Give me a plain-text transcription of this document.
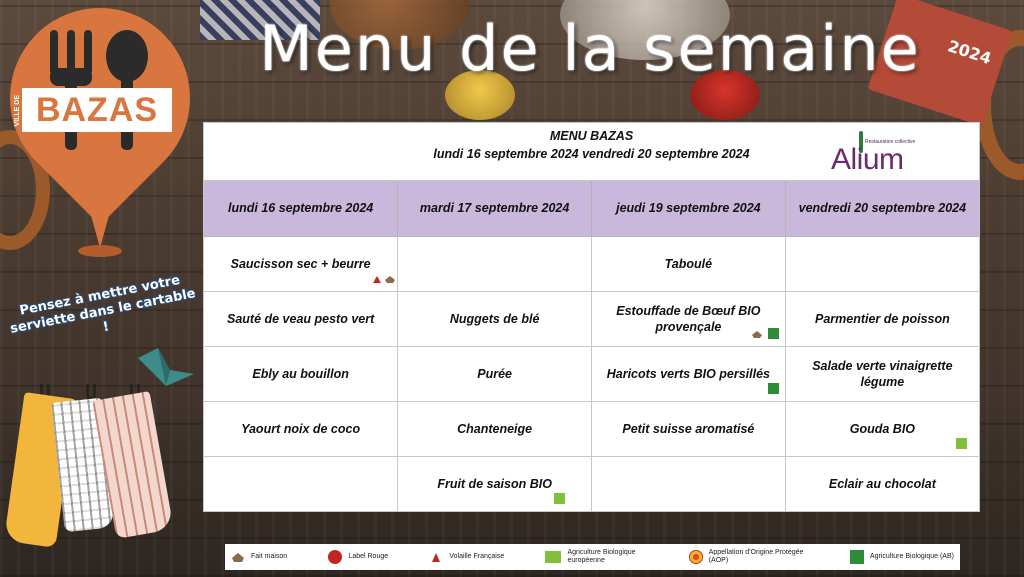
2024
BAZAS
VILLE DE
Menu de la semaine
Pensez à mettre votre serviette dans le cartable !
MENU BAZAS
lundi 16 septembre 2024 vendredi 20 septembre 2024
Restauration collective
Alium
lundi 16 septembre 2024	mardi 17 septembre 2024	jeudi 19 septembre 2024	vendredi 20 septembre 2024
Saucisson sec + beurre		Taboulé	
Sauté de veau pesto vert	Nuggets de blé	Estouffade de Bœuf BIO provençale	Parmentier de poisson
Ebly au bouillon	Purée	Haricots verts BIO persillés	Salade verte vinaigrette légume
Yaourt noix de coco	Chanteneige	Petit suisse aromatisé	Gouda BIO

	Fruit de saison BIO		Eclair au chocolat
Fait maison	Label Rouge	Volaille Française
Agriculture Biologique européenne
Appellation d'Origine Protégée (AOP)
Agriculture Biologique (AB)
